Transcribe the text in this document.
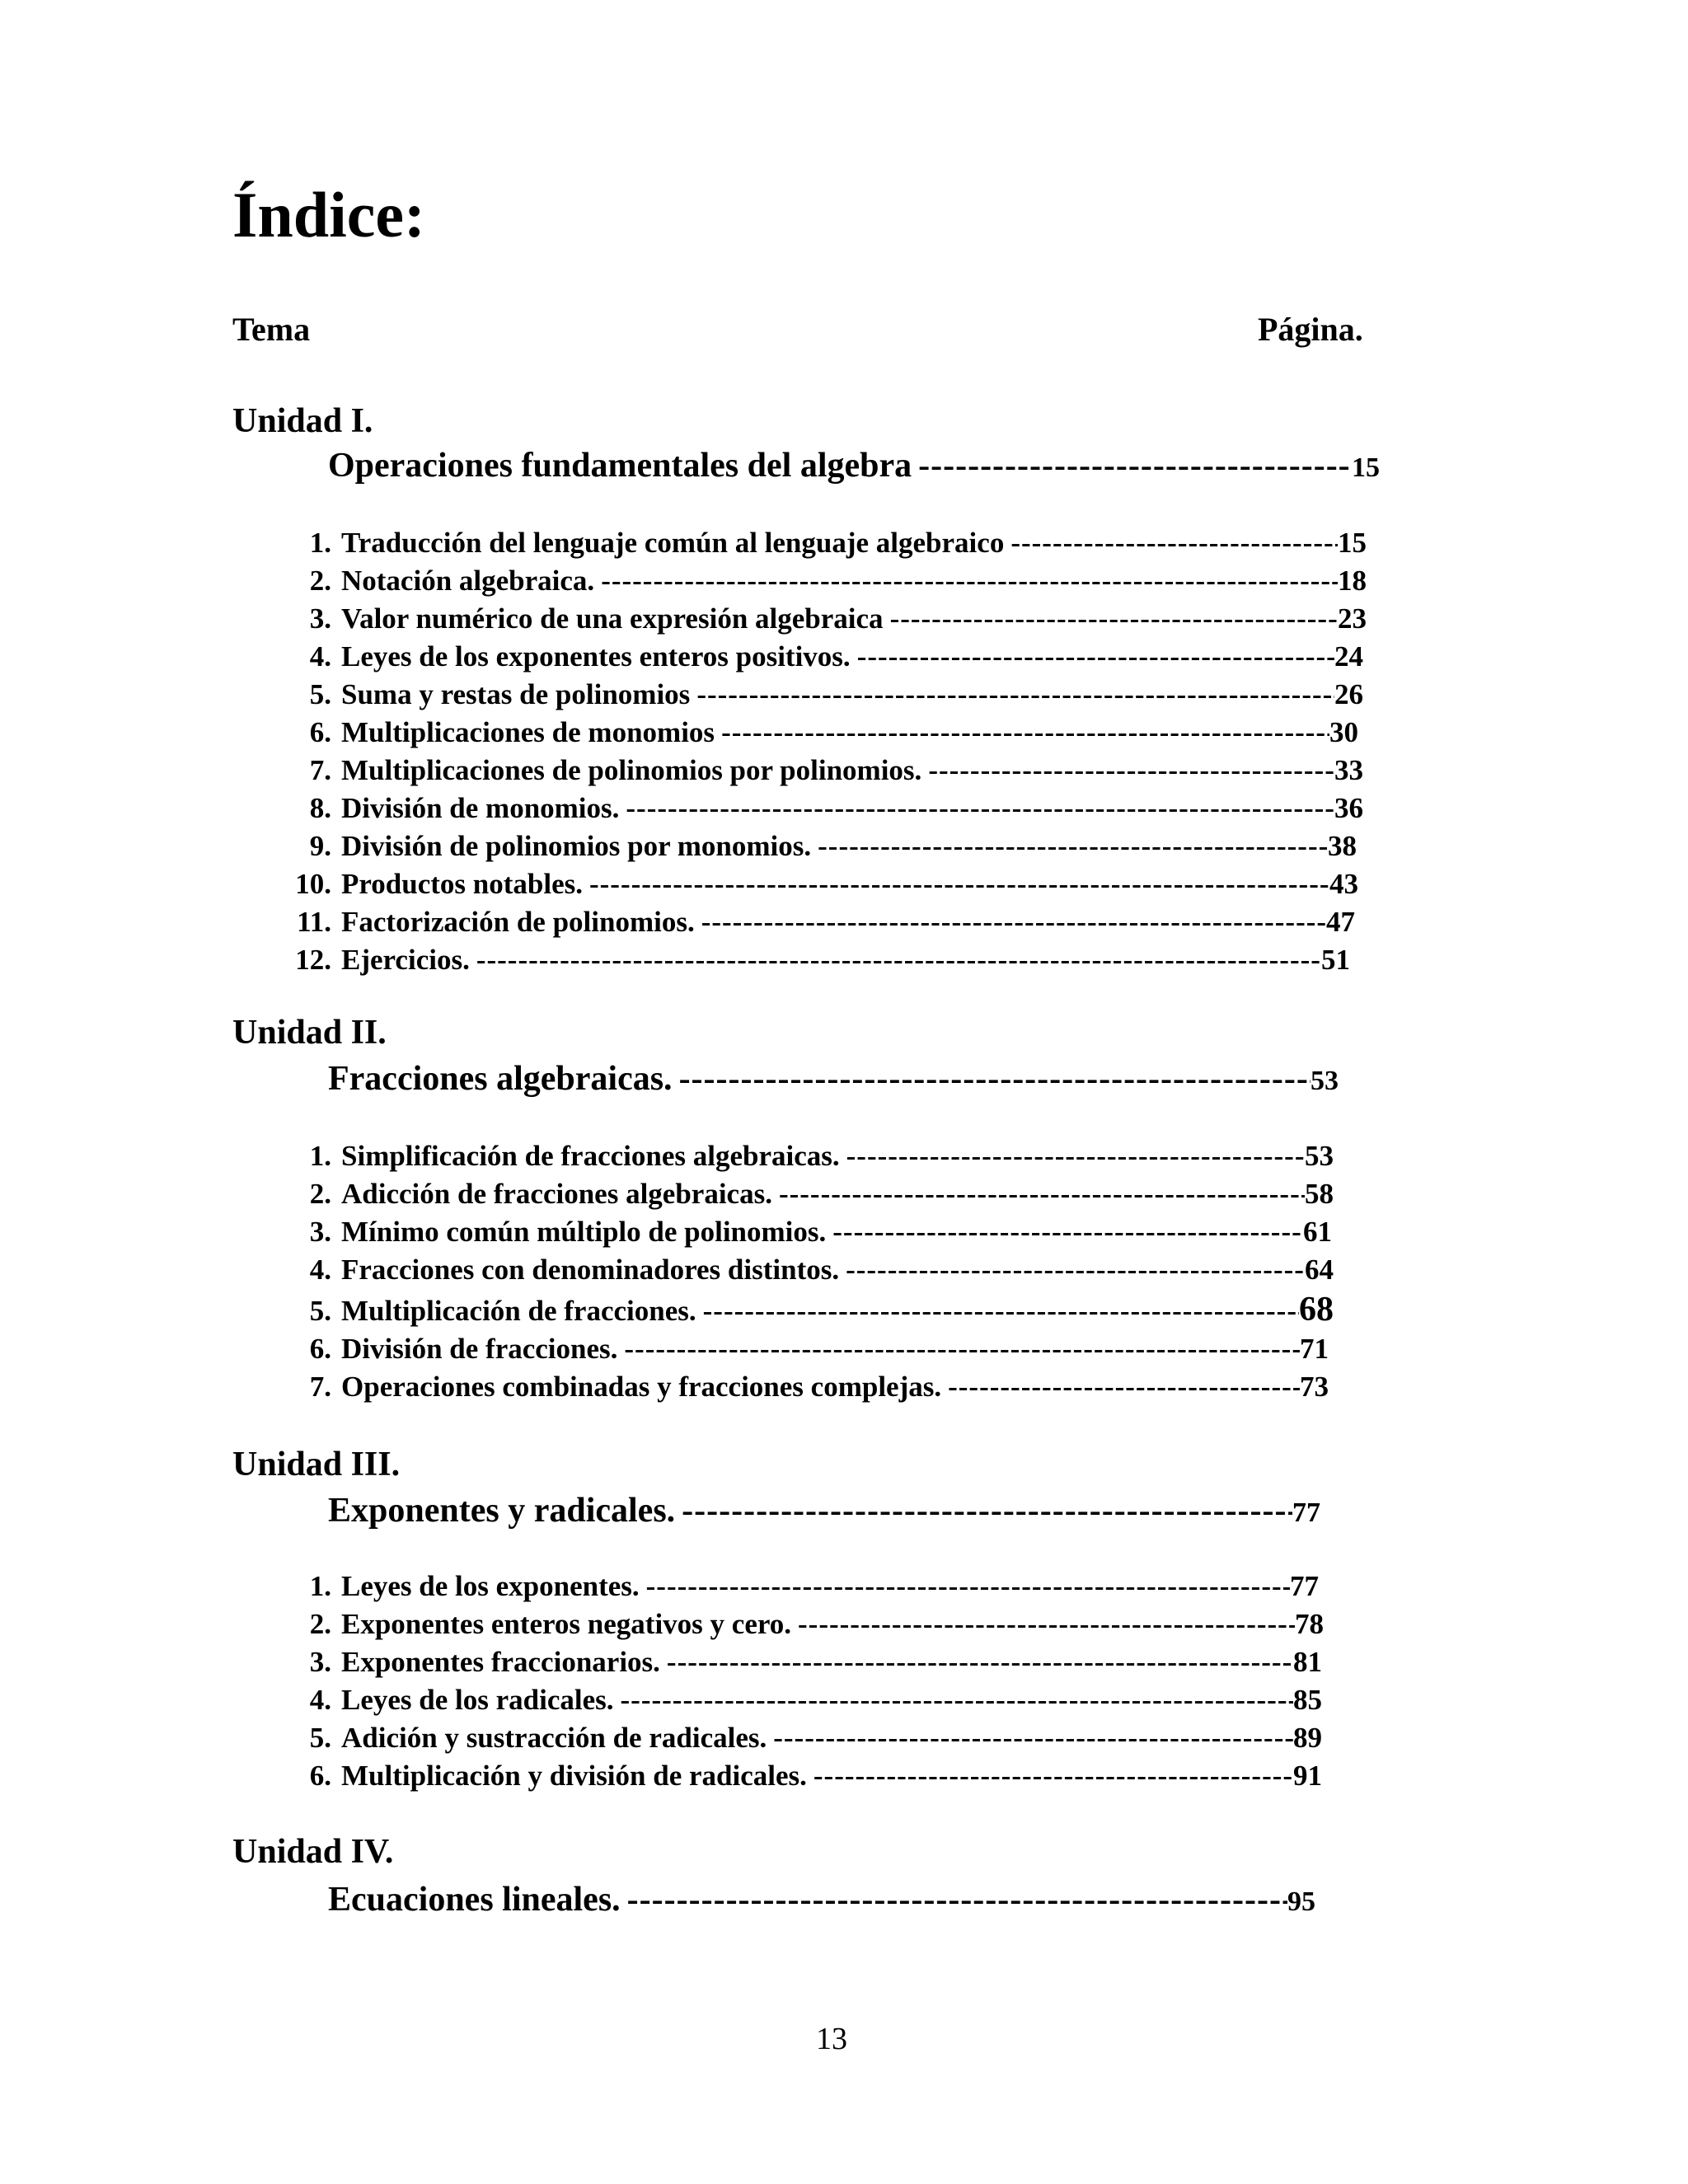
Índice:
Tema	Página.
Unidad I.
Operaciones fundamentales del algebra -----	15
1. Traducción del lenguaje común al lenguaje algebraico -----	15
2. Notación algebraica. -----	18
3. Valor numérico de una expresión algebraica -----	23
4. Leyes de los exponentes enteros positivos. -----	24
5. Suma y restas de polinomios -----	26
6. Multiplicaciones de monomios -----	30
7. Multiplicaciones de polinomios por polinomios. -----	33
8. División de monomios. -----	36
9. División de polinomios por monomios. -----	38
10. Productos notables. -----	43
11. Factorización de polinomios. -----	47
12. Ejercicios. -----	51
Unidad II.
Fracciones algebraicas. -----	53
1. Simplificación de fracciones algebraicas. -----	53
2. Adicción de fracciones algebraicas. -----	58
3. Mínimo común múltiplo de polinomios. -----	61
4. Fracciones con denominadores distintos. -----	64
5. Multiplicación de fracciones. -----	68
6. División de fracciones. -----	71
7. Operaciones combinadas y fracciones complejas. -----	73
Unidad III.
Exponentes y radicales. -----	77
1. Leyes de los exponentes. -----	77
2. Exponentes enteros negativos y cero. -----	78
3. Exponentes fraccionarios. -----	81
4. Leyes de los radicales. -----	85
5. Adición y sustracción de radicales. -----	89
6. Multiplicación y división de radicales. -----	91
Unidad IV.
Ecuaciones lineales. -----	95
13
